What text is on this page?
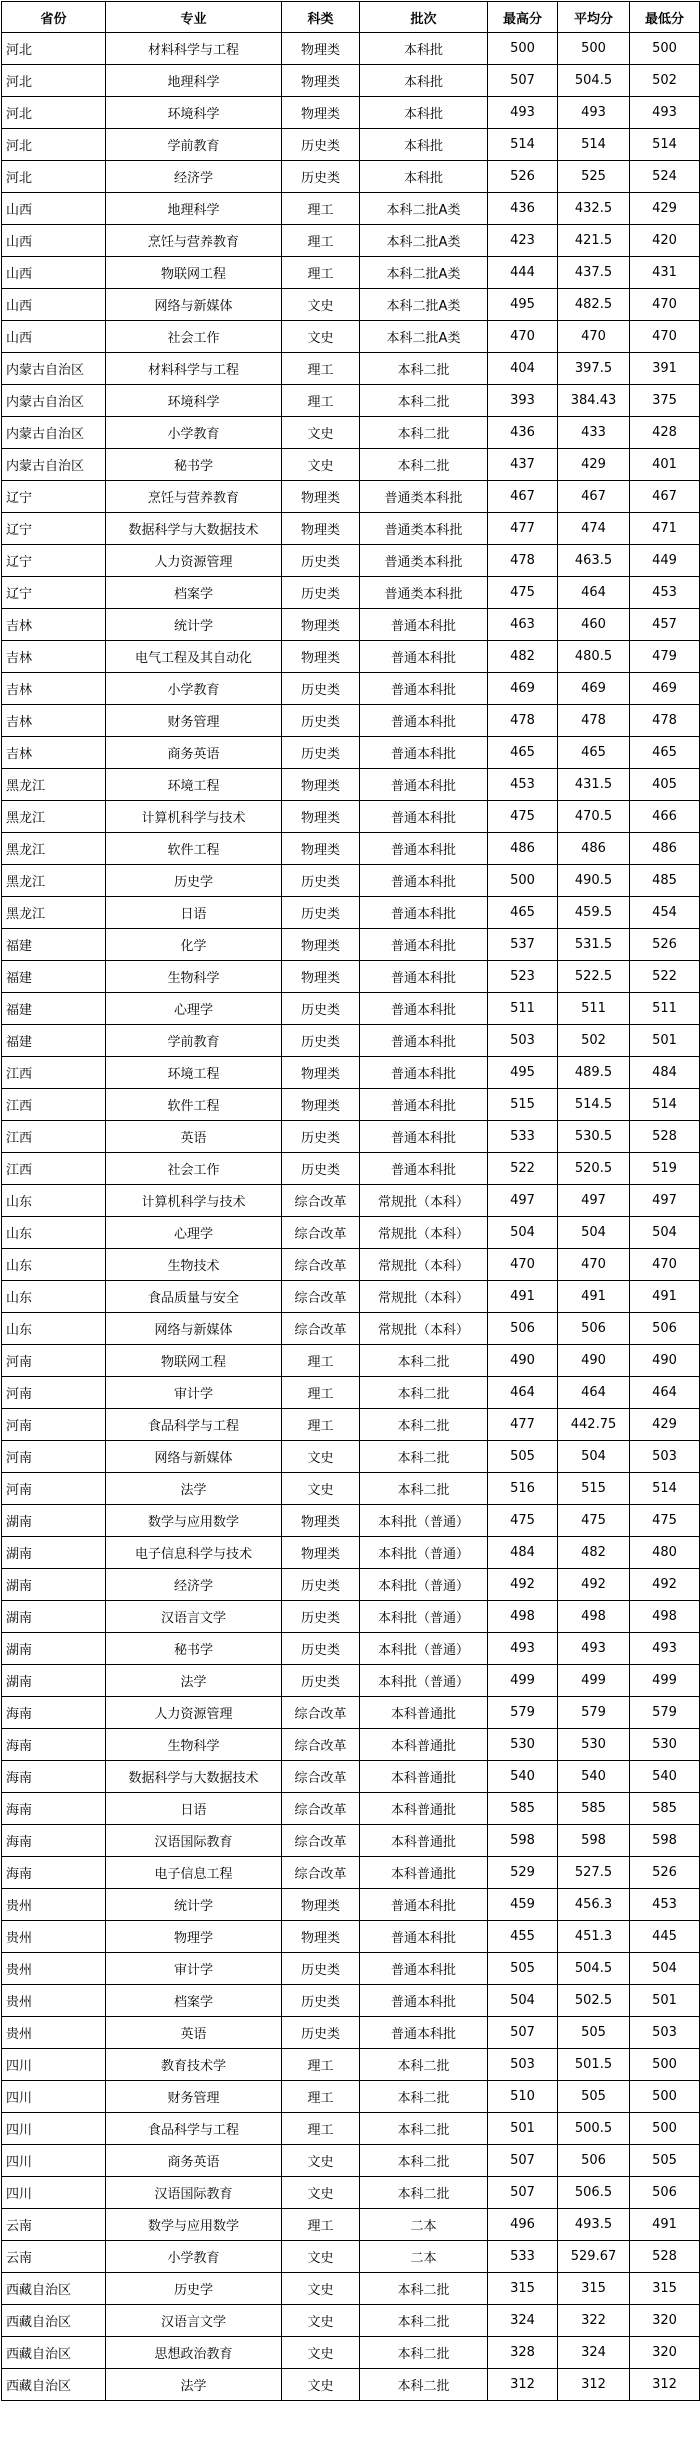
省份	专业	科类	批次	最高分	平均分	最低分
河北	材料科学与工程	物理类	本科批	500	500	500
河北	地理科学	物理类	本科批	507	504.5	502
河北	环境科学	物理类	本科批	493	493	493
河北	学前教育	历史类	本科批	514	514	514
河北	经济学	历史类	本科批	526	525	524
山西	地理科学	理工	本科二批A类	436	432.5	429
山西	烹饪与营养教育	理工	本科二批A类	423	421.5	420
山西	物联网工程	理工	本科二批A类	444	437.5	431
山西	网络与新媒体	文史	本科二批A类	495	482.5	470
山西	社会工作	文史	本科二批A类	470	470	470
内蒙古自治区	材料科学与工程	理工	本科二批	404	397.5	391
内蒙古自治区	环境科学	理工	本科二批	393	384.43	375
内蒙古自治区	小学教育	文史	本科二批	436	433	428
内蒙古自治区	秘书学	文史	本科二批	437	429	401
辽宁	烹饪与营养教育	物理类	普通类本科批	467	467	467
辽宁	数据科学与大数据技术	物理类	普通类本科批	477	474	471
辽宁	人力资源管理	历史类	普通类本科批	478	463.5	449
辽宁	档案学	历史类	普通类本科批	475	464	453
吉林	统计学	物理类	普通本科批	463	460	457
吉林	电气工程及其自动化	物理类	普通本科批	482	480.5	479
吉林	小学教育	历史类	普通本科批	469	469	469
吉林	财务管理	历史类	普通本科批	478	478	478
吉林	商务英语	历史类	普通本科批	465	465	465
黑龙江	环境工程	物理类	普通本科批	453	431.5	405
黑龙江	计算机科学与技术	物理类	普通本科批	475	470.5	466
黑龙江	软件工程	物理类	普通本科批	486	486	486
黑龙江	历史学	历史类	普通本科批	500	490.5	485
黑龙江	日语	历史类	普通本科批	465	459.5	454
福建	化学	物理类	普通本科批	537	531.5	526
福建	生物科学	物理类	普通本科批	523	522.5	522
福建	心理学	历史类	普通本科批	511	511	511
福建	学前教育	历史类	普通本科批	503	502	501
江西	环境工程	物理类	普通本科批	495	489.5	484
江西	软件工程	物理类	普通本科批	515	514.5	514
江西	英语	历史类	普通本科批	533	530.5	528
江西	社会工作	历史类	普通本科批	522	520.5	519
山东	计算机科学与技术	综合改革	常规批（本科）	497	497	497
山东	心理学	综合改革	常规批（本科）	504	504	504
山东	生物技术	综合改革	常规批（本科）	470	470	470
山东	食品质量与安全	综合改革	常规批（本科）	491	491	491
山东	网络与新媒体	综合改革	常规批（本科）	506	506	506
河南	物联网工程	理工	本科二批	490	490	490
河南	审计学	理工	本科二批	464	464	464
河南	食品科学与工程	理工	本科二批	477	442.75	429
河南	网络与新媒体	文史	本科二批	505	504	503
河南	法学	文史	本科二批	516	515	514
湖南	数学与应用数学	物理类	本科批（普通）	475	475	475
湖南	电子信息科学与技术	物理类	本科批（普通）	484	482	480
湖南	经济学	历史类	本科批（普通）	492	492	492
湖南	汉语言文学	历史类	本科批（普通）	498	498	498
湖南	秘书学	历史类	本科批（普通）	493	493	493
湖南	法学	历史类	本科批（普通）	499	499	499
海南	人力资源管理	综合改革	本科普通批	579	579	579
海南	生物科学	综合改革	本科普通批	530	530	530
海南	数据科学与大数据技术	综合改革	本科普通批	540	540	540
海南	日语	综合改革	本科普通批	585	585	585
海南	汉语国际教育	综合改革	本科普通批	598	598	598
海南	电子信息工程	综合改革	本科普通批	529	527.5	526
贵州	统计学	物理类	普通本科批	459	456.3	453
贵州	物理学	物理类	普通本科批	455	451.3	445
贵州	审计学	历史类	普通本科批	505	504.5	504
贵州	档案学	历史类	普通本科批	504	502.5	501
贵州	英语	历史类	普通本科批	507	505	503
四川	教育技术学	理工	本科二批	503	501.5	500
四川	财务管理	理工	本科二批	510	505	500
四川	食品科学与工程	理工	本科二批	501	500.5	500
四川	商务英语	文史	本科二批	507	506	505
四川	汉语国际教育	文史	本科二批	507	506.5	506
云南	数学与应用数学	理工	二本	496	493.5	491
云南	小学教育	文史	二本	533	529.67	528
西藏自治区	历史学	文史	本科二批	315	315	315
西藏自治区	汉语言文学	文史	本科二批	324	322	320
西藏自治区	思想政治教育	文史	本科二批	328	324	320
西藏自治区	法学	文史	本科二批	312	312	312
